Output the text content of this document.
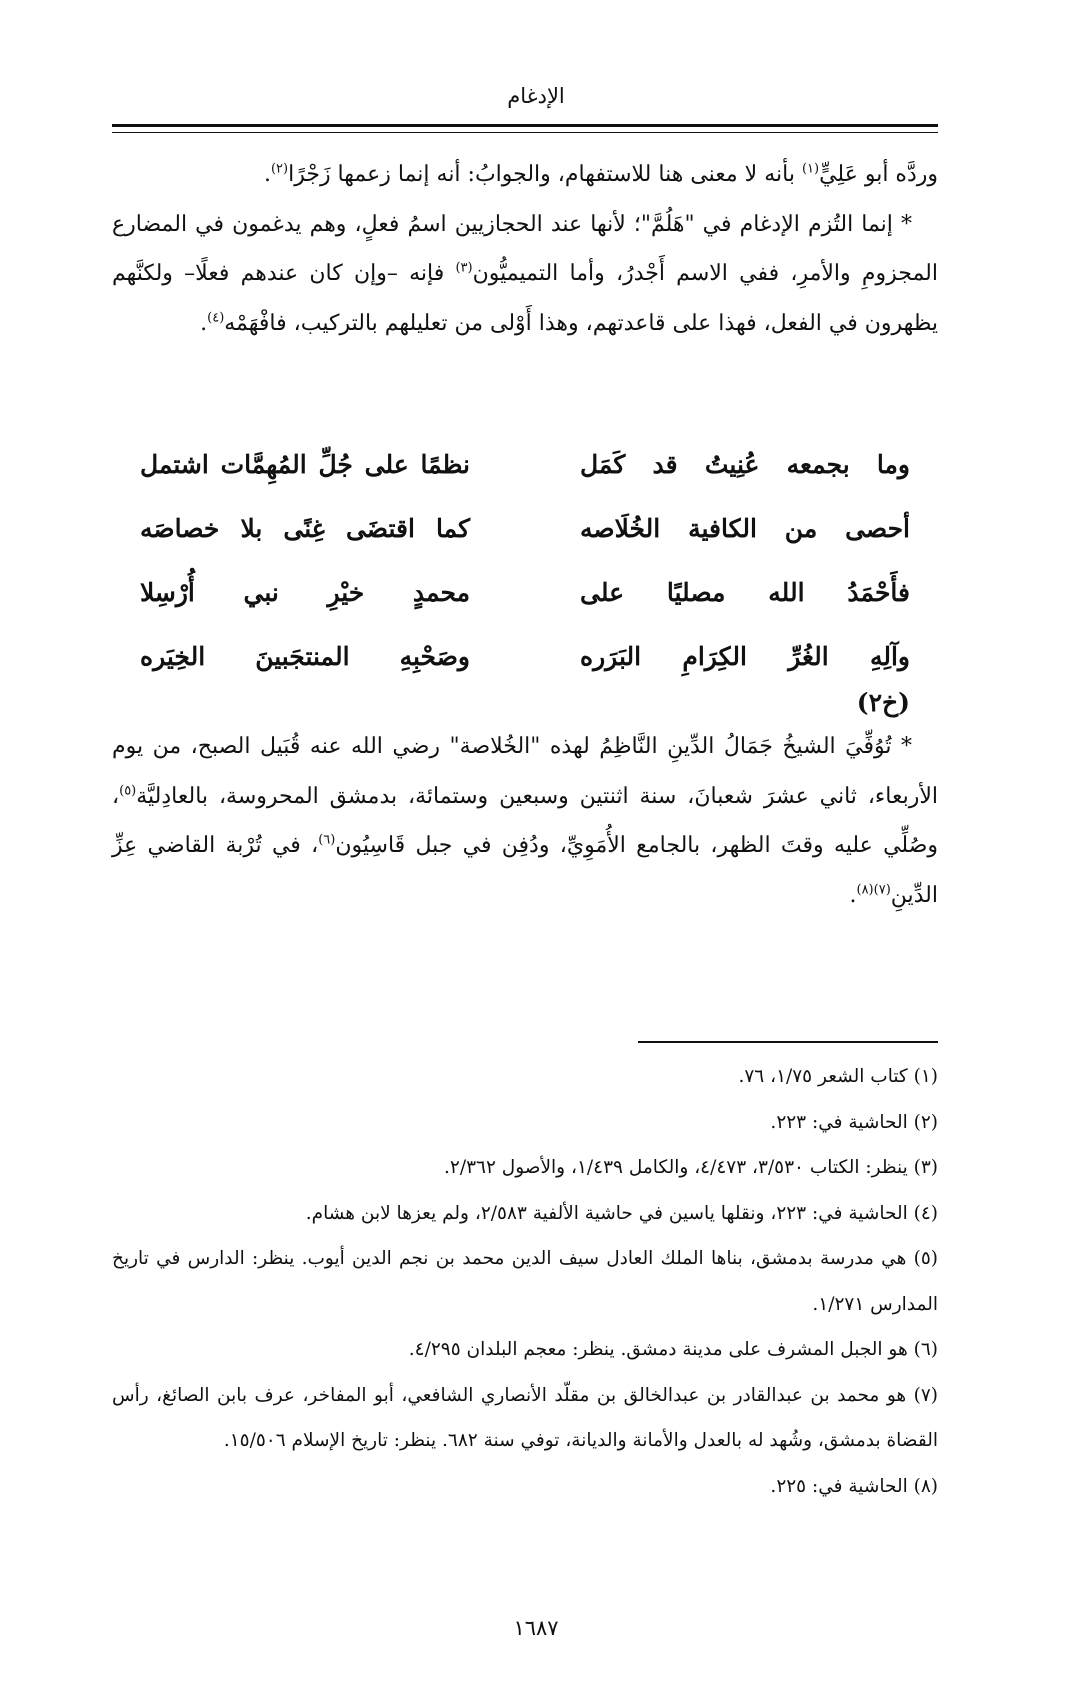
الإدغام

وردَّه أبو عَلِيٍّ$^{(١)}$ بأنه لا معنى هنا للاستفهام، والجوابُ: أنه إنما زعمها زَجْرًا$^{(٢)}$.

* إنما التُزم الإدغام في "هَلُمَّ"؛ لأنها عند الحجازيين اسمُ فعلٍ، وهم يدغمون في المضارع المجزومِ والأمرِ، ففي الاسم أَجْدرُ، وأما التميميُّون$^{(٣)}$ فإنه –وإن كان عندهم فعلًا– ولكنَّهم يظهرون في الفعل، فهذا على قاعدتهم، وهذا أَوْلى من تعليلهم بالتركيب، فافْهَمْه$^{(٤)}$.

وما بجمعه عُنِيتُ قد كَمَل
نظمًا على جُلِّ المُهِمَّات اشتمل
أحصى من الكافية الخُلَاصه
كما اقتضَى غِنًى بلا خصاصَه
فأَحْمَدُ الله مصليًا على
محمدٍ خيْرِ نبي أُرْسِلا
وآلِهِ الغُرِّ الكِرَامِ البَرَره
وصَحْبِهِ المنتجَبينَ الخِيَره
(خ٢)

* تُوُفِّيَ الشيخُ جَمَالُ الدِّينِ النَّاظِمُ لهذه "الخُلاصة" رضي الله عنه قُبَيل الصبح، من يوم الأربعاء، ثاني عشرَ شعبانَ، سنة اثنتين وسبعين وستمائة، بدمشق المحروسة، بالعادِليَّة$^{(٥)}$، وصُلِّي عليه وقتَ الظهر، بالجامع الأُمَوِيِّ، ودُفِن في جبل قَاسِيُون$^{(٦)}$، في تُرْبة القاضي عِزِّ الدِّينِ$^{(٧)(٨)}$.

(١) كتاب الشعر ١/٧٥، ٧٦.

(٢) الحاشية في: ٢٢٣.

(٣) ينظر: الكتاب ٣/٥٣٠، ٤/٤٧٣، والكامل ١/٤٣٩، والأصول ٢/٣٦٢.

(٤) الحاشية في: ٢٢٣، ونقلها ياسين في حاشية الألفية ٢/٥٨٣، ولم يعزها لابن هشام.

(٥) هي مدرسة بدمشق، بناها الملك العادل سيف الدين محمد بن نجم الدين أيوب. ينظر: الدارس في تاريخ المدارس ١/٢٧١.

(٦) هو الجبل المشرف على مدينة دمشق. ينظر: معجم البلدان ٤/٢٩٥.

(٧) هو محمد بن عبدالقادر بن عبدالخالق بن مقلّد الأنصاري الشافعي، أبو المفاخر، عرف بابن الصائغ، رأس القضاة بدمشق، وشُهد له بالعدل والأمانة والديانة، توفي سنة ٦٨٢. ينظر: تاريخ الإسلام ١٥/٥٠٦.

(٨) الحاشية في: ٢٢٥.

١٦٨٧
